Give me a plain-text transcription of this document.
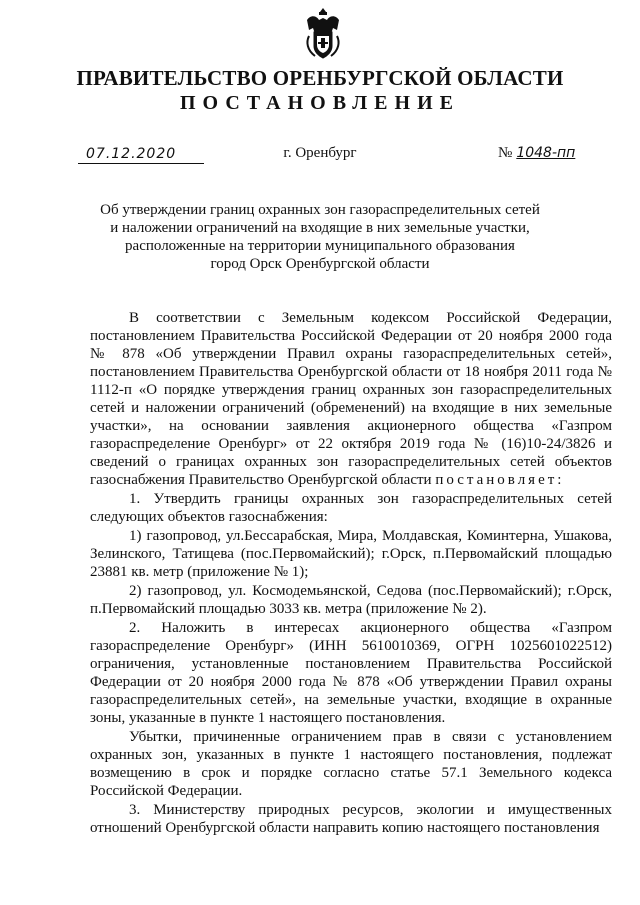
ПРАВИТЕЛЬСТВО ОРЕНБУРГСКОЙ ОБЛАСТИ
ПОСТАНОВЛЕНИЕ
07.12.2020	г. Оренбург	№ 1048-пп
Об утверждении границ охранных зон газораспределительных сетей
и наложении ограничений на входящие в них земельные участки,
расположенные на территории муниципального образования
город Орск Оренбургской области

В соответствии с Земельным кодексом Российской Федерации, постановлением Правительства Российской Федерации от 20 ноября 2000 года № 878 «Об утверждении Правил охраны газораспределительных сетей», постановлением Правительства Оренбургской области от 18 ноября 2011 года № 1112-п «О порядке утверждения границ охранных зон газораспределительных сетей и наложении ограничений (обременений) на входящие в них земельные участки», на основании заявления акционерного общества «Газпром газораспределение Оренбург» от 22 октября 2019 года № (16)10-24/3826 и сведений о границах охранных зон газораспределительных сетей объектов газоснабжения Правительство Оренбургской области постановляет:

1. Утвердить границы охранных зон газораспределительных сетей следующих объектов газоснабжения:

1) газопровод, ул.Бессарабская, Мира, Молдавская, Коминтерна, Ушакова, Зелинского, Татищева (пос.Первомайский); г.Орск, п.Первомайский площадью 23881 кв. метр (приложение № 1);

2) газопровод, ул. Космодемьянской, Седова (пос.Первомайский); г.Орск, п.Первомайский площадью 3033 кв. метра (приложение № 2).

2. Наложить в интересах акционерного общества «Газпром газораспределение Оренбург» (ИНН 5610010369, ОГРН 1025601022512) ограничения, установленные постановлением Правительства Российской Федерации от 20 ноября 2000 года № 878 «Об утверждении Правил охраны газораспределительных сетей», на земельные участки, входящие в охранные зоны, указанные в пункте 1 настоящего постановления.

Убытки, причиненные ограничением прав в связи с установлением охранных зон, указанных в пункте 1 настоящего постановления, подлежат возмещению в срок и порядке согласно статье 57.1 Земельного кодекса Российской Федерации.

3. Министерству природных ресурсов, экологии и имущественных отношений Оренбургской области направить копию настоящего постановления
